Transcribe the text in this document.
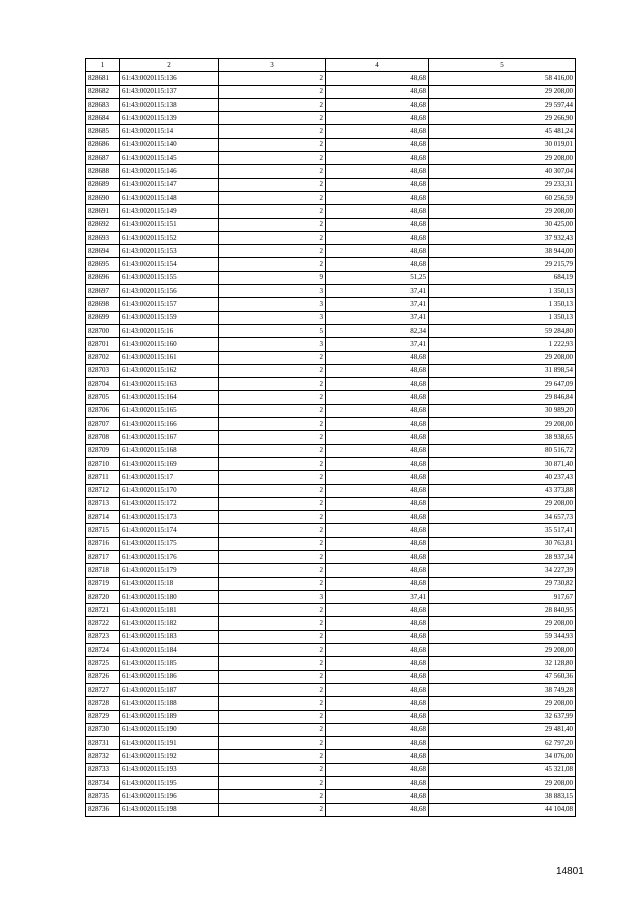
1	2	3	4	5
828681	61:43:0020115:136	2	48,68	58 416,00
828682	61:43:0020115:137	2	48,68	29 208,00
828683	61:43:0020115:138	2	48,68	29 597,44
828684	61:43:0020115:139	2	48,68	29 266,90
828685	61:43:0020115:14	2	48,68	45 481,24
828686	61:43:0020115:140	2	48,68	30 019,01
828687	61:43:0020115:145	2	48,68	29 208,00
828688	61:43:0020115:146	2	48,68	40 307,04
828689	61:43:0020115:147	2	48,68	29 233,31
828690	61:43:0020115:148	2	48,68	60 256,59
828691	61:43:0020115:149	2	48,68	29 208,00
828692	61:43:0020115:151	2	48,68	30 425,00
828693	61:43:0020115:152	2	48,68	37 932,43
828694	61:43:0020115:153	2	48,68	38 944,00
828695	61:43:0020115:154	2	48,68	29 215,79
828696	61:43:0020115:155	9	51,25	684,19
828697	61:43:0020115:156	3	37,41	1 350,13
828698	61:43:0020115:157	3	37,41	1 350,13
828699	61:43:0020115:159	3	37,41	1 350,13
828700	61:43:0020115:16	5	82,34	59 284,80
828701	61:43:0020115:160	3	37,41	1 222,93
828702	61:43:0020115:161	2	48,68	29 208,00
828703	61:43:0020115:162	2	48,68	31 898,54
828704	61:43:0020115:163	2	48,68	29 647,09
828705	61:43:0020115:164	2	48,68	29 846,84
828706	61:43:0020115:165	2	48,68	30 989,20
828707	61:43:0020115:166	2	48,68	29 208,00
828708	61:43:0020115:167	2	48,68	38 938,65
828709	61:43:0020115:168	2	48,68	80 516,72
828710	61:43:0020115:169	2	48,68	30 871,40
828711	61:43:0020115:17	2	48,68	40 237,43
828712	61:43:0020115:170	2	48,68	43 373,88
828713	61:43:0020115:172	2	48,68	29 208,00
828714	61:43:0020115:173	2	48,68	34 657,73
828715	61:43:0020115:174	2	48,68	35 517,41
828716	61:43:0020115:175	2	48,68	30 763,81
828717	61:43:0020115:176	2	48,68	28 937,34
828718	61:43:0020115:179	2	48,68	34 227,39
828719	61:43:0020115:18	2	48,68	29 730,82
828720	61:43:0020115:180	3	37,41	917,67
828721	61:43:0020115:181	2	48,68	28 840,95
828722	61:43:0020115:182	2	48,68	29 208,00
828723	61:43:0020115:183	2	48,68	59 344,93
828724	61:43:0020115:184	2	48,68	29 208,00
828725	61:43:0020115:185	2	48,68	32 128,80
828726	61:43:0020115:186	2	48,68	47 560,36
828727	61:43:0020115:187	2	48,68	38 749,28
828728	61:43:0020115:188	2	48,68	29 208,00
828729	61:43:0020115:189	2	48,68	32 637,99
828730	61:43:0020115:190	2	48,68	29 481,40
828731	61:43:0020115:191	2	48,68	62 797,20
828732	61:43:0020115:192	2	48,68	34 076,00
828733	61:43:0020115:193	2	48,68	45 321,08
828734	61:43:0020115:195	2	48,68	29 208,00
828735	61:43:0020115:196	2	48,68	38 883,15
828736	61:43:0020115:198	2	48,68	44 104,08
14801
